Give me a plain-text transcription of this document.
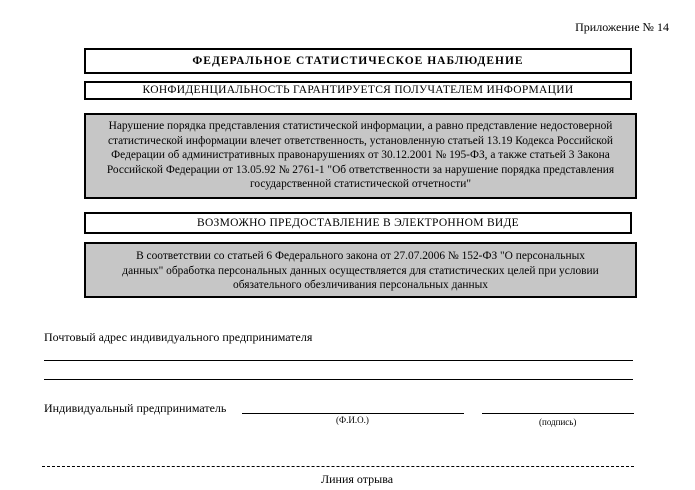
Приложение № 14
ФЕДЕРАЛЬНОЕ СТАТИСТИЧЕСКОЕ НАБЛЮДЕНИЕ
КОНФИДЕНЦИАЛЬНОСТЬ ГАРАНТИРУЕТСЯ ПОЛУЧАТЕЛЕМ ИНФОРМАЦИИ
Нарушение порядка представления статистической информации, а равно представление недостоверной
статистической информации влечет ответственность, установленную статьей 13.19 Кодекса Российской
Федерации об административных правонарушениях от 30.12.2001 № 195-ФЗ, а также статьей 3 Закона
Российской Федерации от 13.05.92 № 2761-1 "Об ответственности за нарушение порядка представления
государственной статистической отчетности"
ВОЗМОЖНО ПРЕДОСТАВЛЕНИЕ В ЭЛЕКТРОННОМ ВИДЕ
В соответствии со статьей 6 Федерального закона от 27.07.2006 № 152-ФЗ "О персональных
данных" обработка персональных данных осуществляется для статистических целей при условии
обязательного обезличивания персональных данных
Почтовый адрес индивидуального предпринимателя
Индивидуальный предприниматель
(Ф.И.О.)	(подпись)
Линия отрыва
